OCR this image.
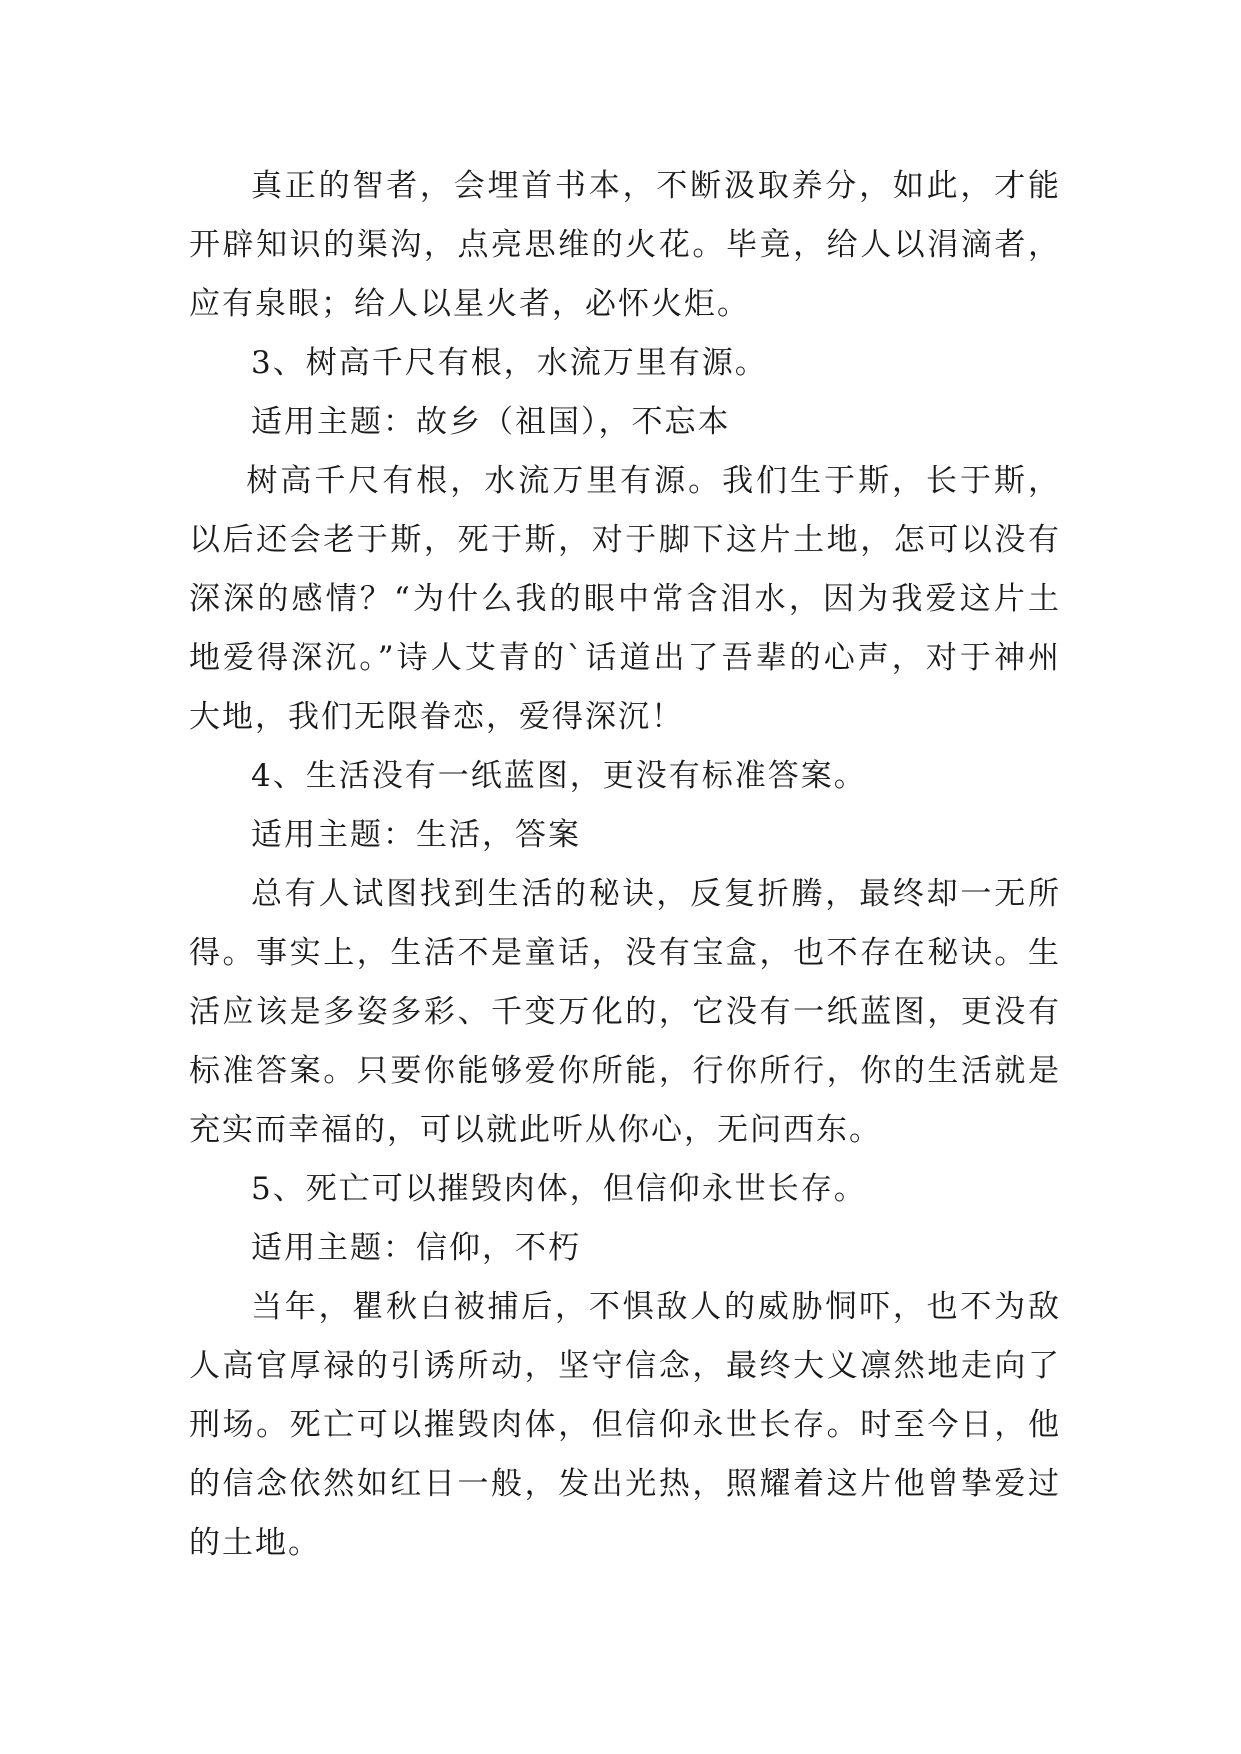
真正的智者，会埋首书本，不断汲取养分，如此，才能开辟知识的渠沟，点亮思维的火花。毕竟，给人以涓滴者，应有泉眼；给人以星火者，必怀火炬。

3、树高千尺有根，水流万里有源。

适用主题：故乡（祖国），不忘本

树高千尺有根，水流万里有源。我们生于斯，长于斯，以后还会老于斯，死于斯，对于脚下这片土地，怎可以没有深深的感情？“为什么我的眼中常含泪水，因为我爱这片土地爱得深沉。”诗人艾青的`话道出了吾辈的心声，对于神州大地，我们无限眷恋，爱得深沉！

4、生活没有一纸蓝图，更没有标准答案。

适用主题：生活，答案

总有人试图找到生活的秘诀，反复折腾，最终却一无所得。事实上，生活不是童话，没有宝盒，也不存在秘诀。生活应该是多姿多彩、千变万化的，它没有一纸蓝图，更没有标准答案。只要你能够爱你所能，行你所行，你的生活就是充实而幸福的，可以就此听从你心，无问西东。

5、死亡可以摧毁肉体，但信仰永世长存。

适用主题：信仰，不朽

当年，瞿秋白被捕后，不惧敌人的威胁恫吓，也不为敌人高官厚禄的引诱所动，坚守信念，最终大义凛然地走向了刑场。死亡可以摧毁肉体，但信仰永世长存。时至今日，他的信念依然如红日一般，发出光热，照耀着这片他曾挚爱过的土地。
